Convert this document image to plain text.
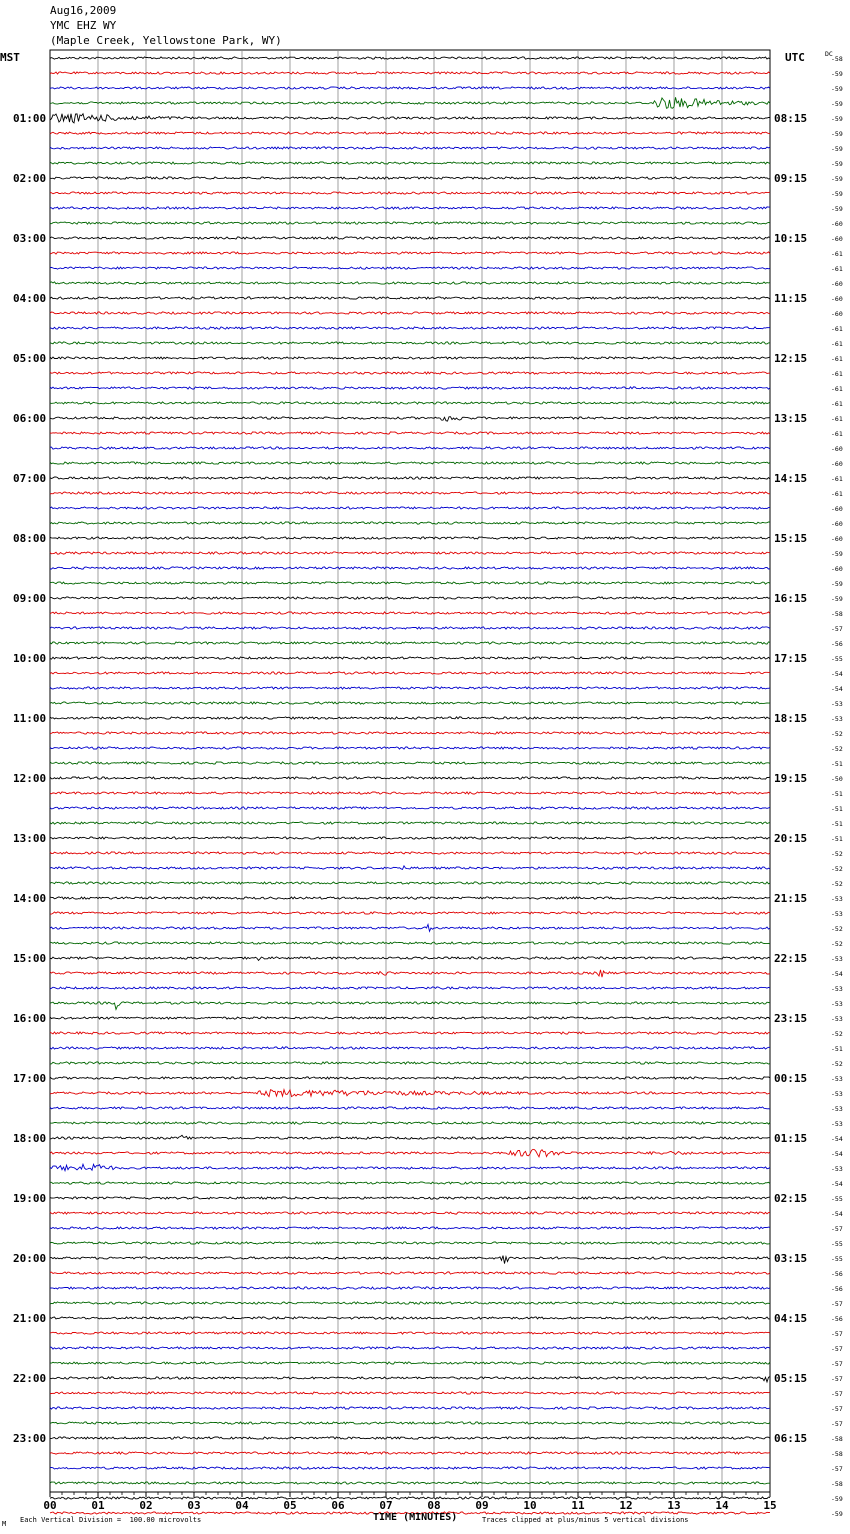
Aug16,2009
YMC EHZ WY
(Maple Creek, Yellowstone Park, WY)
MST	UTC	-58
-59
-59
-59
-59
-59
-59
-59
-59
-59
-59
-60
-60
-61
-61
-60
-60
-60
-61
-61
-61
-61
-61
-61
-61
-61
-60
-60
-61
-61
-60
-60
-60
-59
-60
-59
-59
-58
-57
-56
-55
-54
-54
-53
-53
-52
-52
-51
-50
-51
-51
-51
-51
-52
-52
-52
-53
-53
-52
-52
-53
-54
-53
-53
-53
-52
-51
-52
-53
-53
-53
-53
-54
-54
-53
-54
-55
-54
-57
-55
-55
-56
-56
-57
-56
-57
-57
-57
-57
-57
-57
-57
-58
-58
-57
-58
-59
-59
DC
01:00
02:00
03:00
04:00
05:00
06:00
07:00
08:00
09:00
10:00
11:00
12:00
13:00
14:00
15:00
16:00
17:00
18:00
19:00
20:00
21:00
22:00
23:00
08:15
09:15
10:15
11:15
12:15
13:15
14:15
15:15
16:15
17:15
18:15
19:15
20:15
21:15
22:15
23:15
00:15
01:15
02:15
03:15
04:15
05:15
06:15
00	01	02	03	04	05	06	07	08	09	10	11	12	13	14	15
M Each Vertical Division =  100.00 microvolts	TIME (MINUTES)	Traces clipped at plus/minus 5 vertical divisions
